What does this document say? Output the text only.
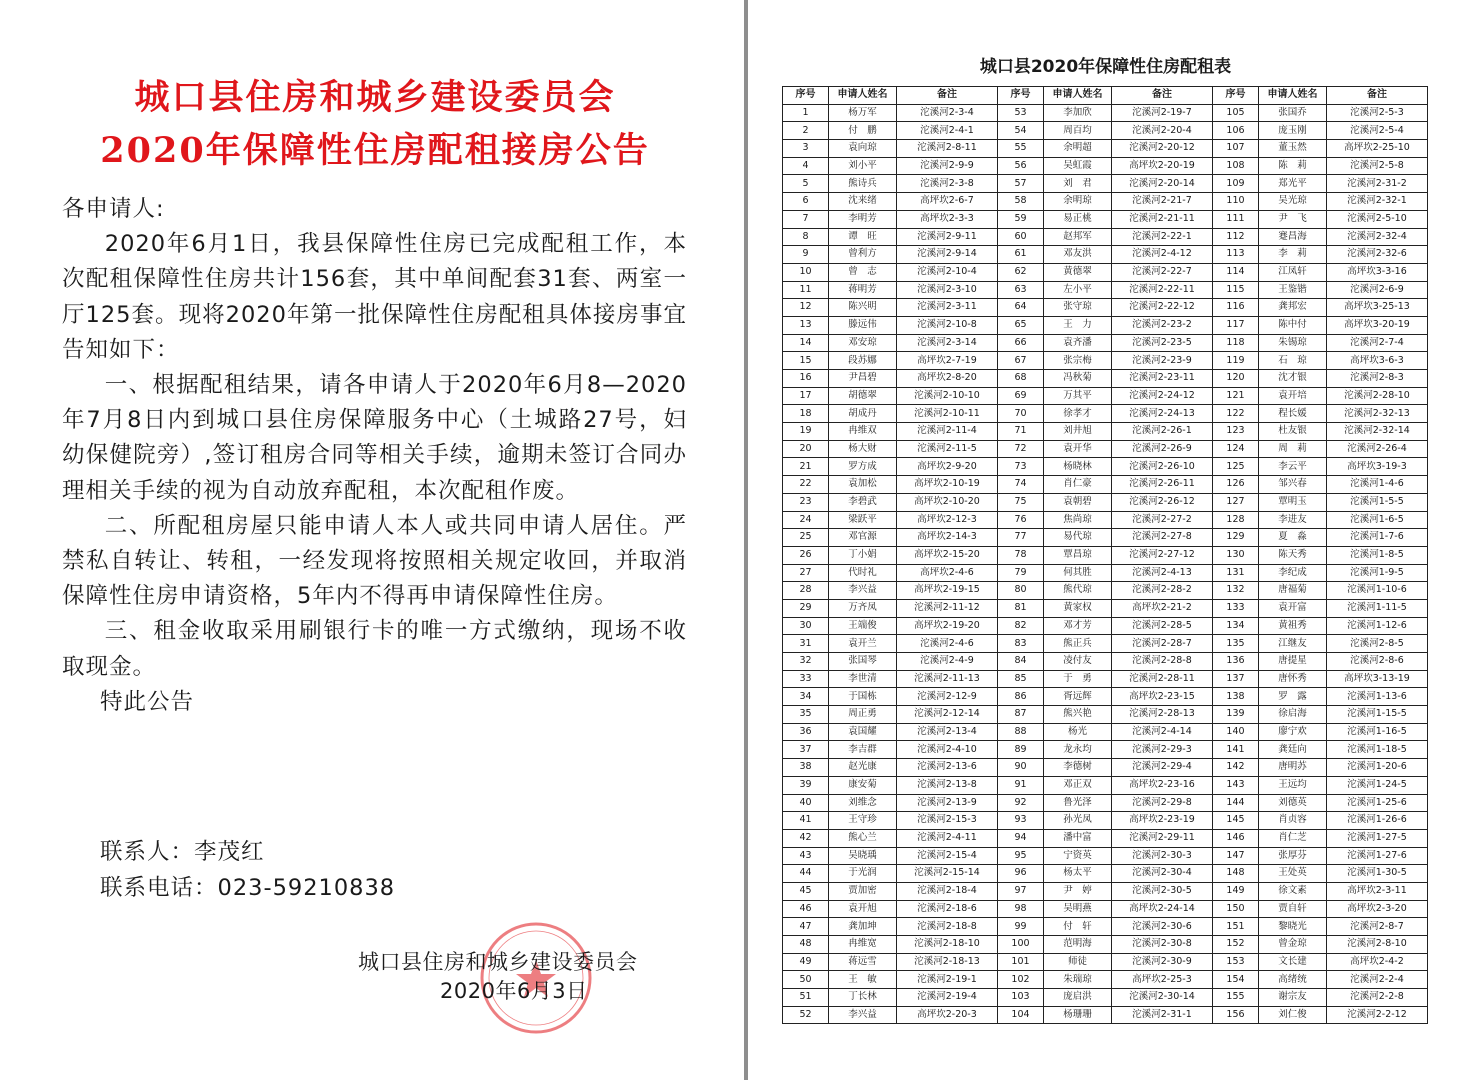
城口县住房和城乡建设委员会
2020年保障性住房配租接房公告

各申请人:

2020年6月1日，我县保障性住房已完成配租工作，本次配租保障性住房共计156套，其中单间配套31套、两室一厅125套。现将2020年第一批保障性住房配租具体接房事宜告知如下：

一、根据配租结果，请各申请人于2020年6月8—2020年7月8日内到城口县住房保障服务中心（土城路27号，妇幼保健院旁）,签订租房合同等相关手续，逾期未签订合同办理相关手续的视为自动放弃配租，本次配租作废。

二、所配租房屋只能申请人本人或共同申请人居住。严禁私自转让、转租，一经发现将按照相关规定收回，并取消保障性住房申请资格，5年内不得再申请保障性住房。

三、租金收取采用刷银行卡的唯一方式缴纳，现场不收取现金。

特此公告

联系人：李茂红
联系电话：023-59210838
城口县住房和城乡建设委员会
2020年6月3日
城口县2020年保障性住房配租表
序号	申请人姓名	备注	序号	申请人姓名	备注	序号	申请人姓名	备注
1	杨万军	沱溪河2-3-4	53	李加欣	沱溪河2-19-7	105	张国乔	沱溪河2-5-3
2	付　鹏	沱溪河2-4-1	54	周百均	沱溪河2-20-4	106	庞玉刚	沱溪河2-5-4
3	袁向琼	沱溪河2-8-11	55	余明超	沱溪河2-20-12	107	董玉然	高坪坎2-25-10
4	刘小平	沱溪河2-9-9	56	吴虹霞	高坪坎2-20-19	108	陈　莉	沱溪河2-5-8
5	熊诗兵	沱溪河2-3-8	57	刘　君	沱溪河2-20-14	109	郑光平	沱溪河2-31-2
6	沈来绪	高坪坎2-6-7	58	余明琼	沱溪河2-21-7	110	吴光琼	沱溪河2-32-1
7	李明芳	高坪坎2-3-3	59	易正桃	沱溪河2-21-11	111	尹　飞	沱溪河2-5-10
8	谭　旺	沱溪河2-9-11	60	赵邦军	沱溪河2-22-1	112	蹇昌海	沱溪河2-32-4
9	曾利方	沱溪河2-9-14	61	邓友洪	沱溪河2-4-12	113	李　莉	沱溪河2-32-6
10	曾　志	沱溪河2-10-4	62	黄德翠	沱溪河2-22-7	114	江凤轩	高坪坎3-3-16
11	蒋明芳	沱溪河2-3-10	63	左小平	沱溪河2-22-11	115	王鉴锴	沱溪河2-6-9
12	陈兴明	沱溪河2-3-11	64	张守琼	沱溪河2-22-12	116	龚邦宏	高坪坎3-25-13
13	滕远伟	沱溪河2-10-8	65	王　力	沱溪河2-23-2	117	陈中付	高坪坎3-20-19
14	邓安琼	沱溪河2-3-14	66	袁齐潘	沱溪河2-23-5	118	朱锡琼	沱溪河2-7-4
15	段苏娜	高坪坎2-7-19	67	张宗梅	沱溪河2-23-9	119	石　琼	高坪坎3-6-3
16	尹昌碧	高坪坎2-8-20	68	冯秋菊	沱溪河2-23-11	120	沈才银	沱溪河2-8-3
17	胡德翠	沱溪河2-10-10	69	万其平	沱溪河2-24-12	121	袁开培	沱溪河2-28-10
18	胡成丹	沱溪河2-10-11	70	徐孝才	沱溪河2-24-13	122	程长媛	沱溪河2-32-13
19	冉维双	沱溪河2-11-4	71	刘井旭	沱溪河2-26-1	123	杜友银	沱溪河2-32-14
20	杨大财	沱溪河2-11-5	72	袁开华	沱溪河2-26-9	124	周　莉	沱溪河2-26-4
21	罗方成	高坪坎2-9-20	73	杨晓林	沱溪河2-26-10	125	李云平	高坪坎3-19-3
22	袁加松	高坪坎2-10-19	74	肖仁豪	沱溪河2-26-11	126	邹兴春	沱溪河1-4-6
23	李碧武	高坪坎2-10-20	75	袁朝碧	沱溪河2-26-12	127	覃明玉	沱溪河1-5-5
24	梁跃平	高坪坎2-12-3	76	焦尚琼	沱溪河2-27-2	128	李进友	沱溪河1-6-5
25	邓官源	高坪坎2-14-3	77	易代琼	沱溪河2-27-8	129	夏　淼	沱溪河1-7-6
26	丁小娟	高坪坎2-15-20	78	覃昌琼	沱溪河2-27-12	130	陈天秀	沱溪河1-8-5
27	代时礼	高坪坎2-4-6	79	何其胜	沱溪河2-4-13	131	李纪成	沱溪河1-9-5
28	李兴益	高坪坎2-19-15	80	熊代琼	沱溪河2-28-2	132	唐福菊	沱溪河1-10-6
29	万齐凤	沱溪河2-11-12	81	黄家权	高坪坎2-21-2	133	袁开富	沱溪河1-11-5
30	王端俊	高坪坎2-19-20	82	邓才芳	沱溪河2-28-5	134	黄祖秀	沱溪河1-12-6
31	袁开兰	沱溪河2-4-6	83	熊正兵	沱溪河2-28-7	135	江继友	沱溪河2-8-5
32	张国琴	沱溪河2-4-9	84	凌付友	沱溪河2-28-8	136	唐提星	沱溪河2-8-6
33	李世清	沱溪河2-11-13	85	于　勇	沱溪河2-28-11	137	唐怀秀	高坪坎3-13-19
34	于国栋	沱溪河2-12-9	86	胥远辉	高坪坎2-23-15	138	罗　露	沱溪河1-13-6
35	周正勇	沱溪河2-12-14	87	熊兴艳	沱溪河2-28-13	139	徐启海	沱溪河1-15-5
36	袁国耀	沱溪河2-13-4	88	杨光	沱溪河2-4-14	140	廖宁欢	沱溪河1-16-5
37	李吉群	沱溪河2-4-10	89	龙永均	沱溪河2-29-3	141	龚廷向	沱溪河1-18-5
38	赵光康	沱溪河2-13-6	90	李德树	沱溪河2-29-4	142	唐明苏	沱溪河1-20-6
39	康安菊	沱溪河2-13-8	91	邓正双	高坪坎2-23-16	143	王远均	沱溪河1-24-5
40	刘维念	沱溪河2-13-9	92	鲁光泽	沱溪河2-29-8	144	刘德英	沱溪河1-25-6
41	王守珍	沱溪河2-15-3	93	孙光凤	高坪坎2-23-19	145	肖贞容	沱溪河1-26-6
42	熊心兰	沱溪河2-4-11	94	潘中富	沱溪河2-29-11	146	肖仁芝	沱溪河1-27-5
43	吴晓瑀	沱溪河2-15-4	95	宁资英	沱溪河2-30-3	147	张厚芬	沱溪河1-27-6
44	于光润	沱溪河2-15-14	96	杨太平	沱溪河2-30-4	148	王处英	沱溪河1-30-5
45	贾加密	沱溪河2-18-4	97	尹　婷	沱溪河2-30-5	149	徐文素	高坪坎2-3-11
46	袁开旭	沱溪河2-18-6	98	吴明燕	高坪坎2-24-14	150	贾自轩	高坪坎2-3-20
47	龚加坤	沱溪河2-18-8	99	付　轩	沱溪河2-30-6	151	黎晓光	沱溪河2-8-7
48	冉维宽	沱溪河2-18-10	100	范明海	沱溪河2-30-8	152	曾金琼	沱溪河2-8-10
49	蒋远雪	沱溪河2-18-13	101	师徒	沱溪河2-30-9	153	文长建	高坪坎2-4-2
50	王　敏	沱溪河2-19-1	102	朱瑞琼	高坪坎2-25-3	154	高绪统	沱溪河2-2-4
51	丁长林	沱溪河2-19-4	103	庞启洪	沱溪河2-30-14	155	谢宗友	沱溪河2-2-8
52	李兴益	高坪坎2-20-3	104	杨珊珊	沱溪河2-31-1	156	刘仁俊	沱溪河2-2-12
